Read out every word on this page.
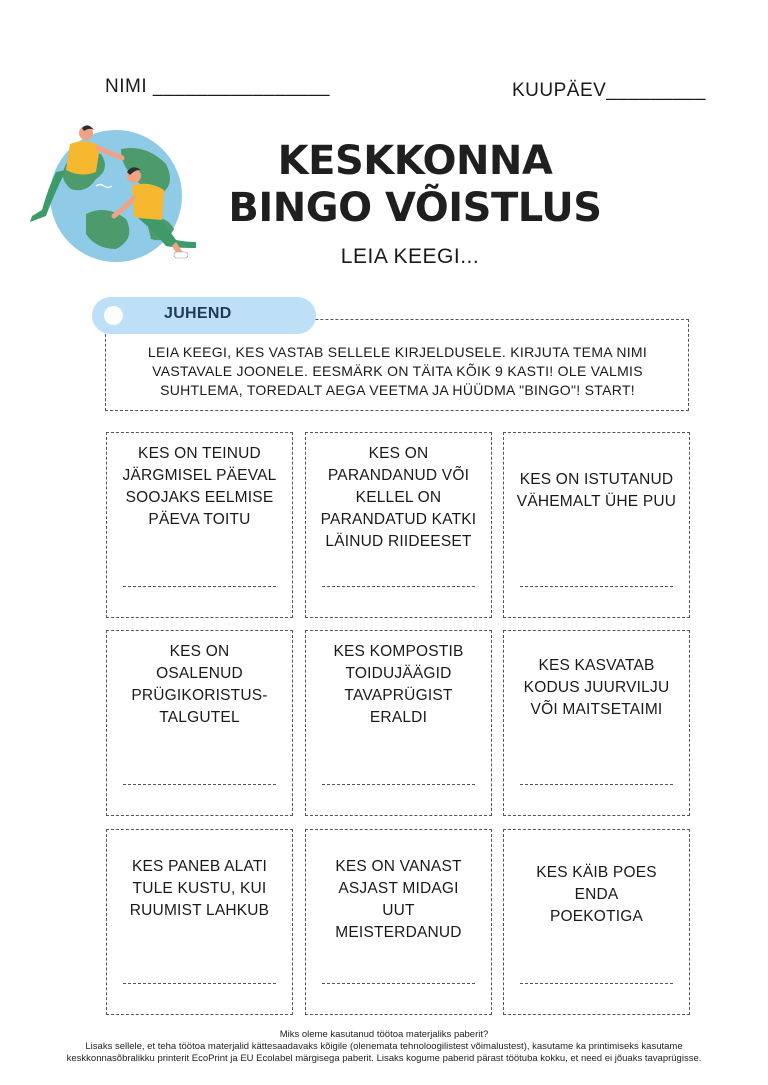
NIMI ________________	KUUPÄEV_________
KESKKONNA
BINGO VÕISTLUS
LEIA KEEGI...
JUHEND
LEIA KEEGI, KES VASTAB SELLELE KIRJELDUSELE. KIRJUTA TEMA NIMI VASTAVALE JOONELE. EESMÄRK ON TÄITA KÕIK 9 KASTI! OLE VALMIS SUHTLEMA, TOREDALT AEGA VEETMA JA HÜÜDMA "BINGO"! START!
KES ON TEINUD JÄRGMISEL PÄEVAL SOOJAKS EELMISE PÄEVA TOITU
KES ON PARANDANUD VÕI KELLEL ON PARANDATUD KATKI LÄINUD RIIDEESET
KES ON ISTUTANUD VÄHEMALT ÜHE PUU
KES ON OSALENUD PRÜGIKORISTUS-TALGUTEL
KES KOMPOSTIB TOIDUJÄÄGID TAVAPRÜGIST ERALDI
KES KASVATAB KODUS JUURVILJU VÕI MAITSETAIMI
KES PANEB ALATI TULE KUSTU, KUI RUUMIST LAHKUB
KES ON VANAST ASJAST MIDAGI UUT MEISTERDANUD
KES KÄIB POES ENDA POEKOTIGA
Miks oleme kasutanud töötoa materjaliks paberit?
Lisaks sellele, et teha töötoa materjalid kättesaadavaks kõigile (olenemata tehnoloogilistest võimalustest), kasutame ka printimiseks kasutame
keskkonnasõbralikku printerit EcoPrint ja EU Ecolabel märgisega paberit. Lisaks kogume paberid pärast töötuba kokku, et need ei jõuaks tavaprügisse.
